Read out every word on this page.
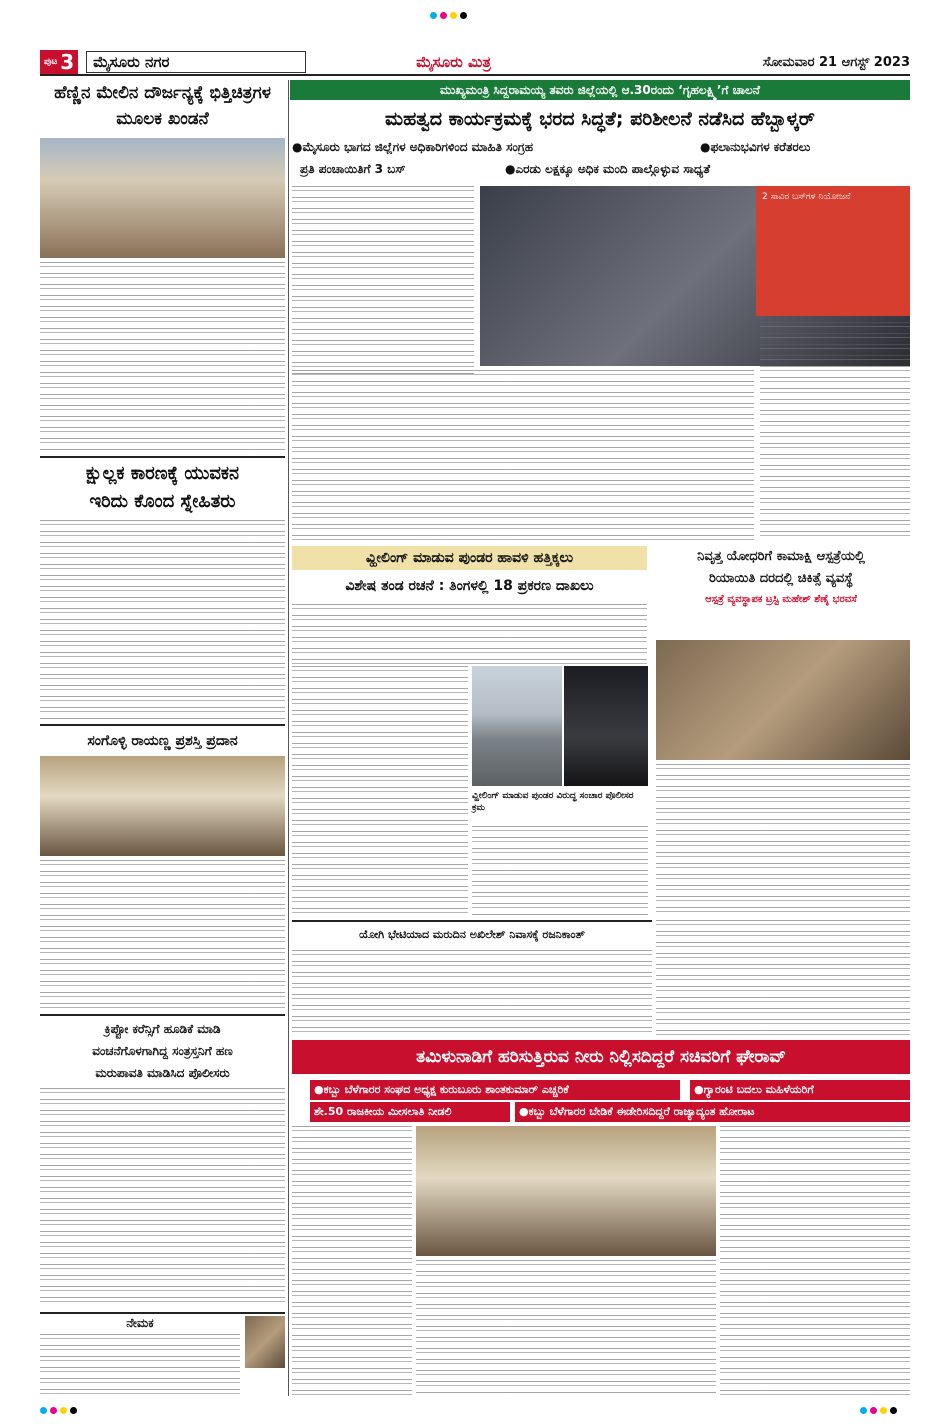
ಪುಟ 3	ಮೈಸೂರು ನಗರ	ಮೈಸೂರು ಮಿತ್ರ	ಸೋಮವಾರ 21 ಆಗಸ್ಟ್ 2023
ಹೆಣ್ಣಿನ ಮೇಲಿನ ದೌರ್ಜನ್ಯಕ್ಕೆ ಭಿತ್ತಿಚಿತ್ರಗಳ ಮೂಲಕ ಖಂಡನೆ
ಮುಖ್ಯಮಂತ್ರಿ ಸಿದ್ದರಾಮಯ್ಯ ತವರು ಜಿಲ್ಲೆಯಲ್ಲಿ ಆ.30ರಂದು ‘ಗೃಹಲಕ್ಷ್ಮಿ’ಗೆ ಚಾಲನೆ
ಮಹತ್ವದ ಕಾರ್ಯಕ್ರಮಕ್ಕೆ ಭರದ ಸಿದ್ಧತೆ; ಪರಿಶೀಲನೆ ನಡೆಸಿದ ಹೆಬ್ಬಾಳ್ಕರ್
●ಮೈಸೂರು ಭಾಗದ ಜಿಲ್ಲೆಗಳ ಅಧಿಕಾರಿಗಳಿಂದ ಮಾಹಿತಿ ಸಂಗ್ರಹ	●ಫಲಾನುಭವಿಗಳ ಕರೆತರಲು
ಪ್ರತಿ ಪಂಚಾಯಿತಿಗೆ 3 ಬಸ್	●ಎರಡು ಲಕ್ಷಕ್ಕೂ ಅಧಿಕ ಮಂದಿ ಪಾಲ್ಗೊಳ್ಳುವ ಸಾಧ್ಯತೆ
2 ಸಾವಿರ ಬಸ್‌ಗಳ ನಿಯೋಜನೆ
ಕ್ಷುಲ್ಲಕ ಕಾರಣಕ್ಕೆ ಯುವಕನ
ಇರಿದು ಕೊಂದ ಸ್ನೇಹಿತರು
ವ್ಹೀಲಿಂಗ್ ಮಾಡುವ ಪುಂಡರ ಹಾವಳಿ ಹತ್ತಿಕ್ಕಲು
ವಿಶೇಷ ತಂಡ ರಚನೆ : ತಿಂಗಳಲ್ಲಿ 18 ಪ್ರಕರಣ ದಾಖಲು
ವ್ಹೀಲಿಂಗ್ ಮಾಡುವ ಪುಂಡರ ವಿರುದ್ಧ ಸಂಚಾರ ಪೊಲೀಸರ ಕ್ರಮ
ನಿವೃತ್ತ ಯೋಧರಿಗೆ ಕಾಮಾಕ್ಷಿ ಆಸ್ಪತ್ರೆಯಲ್ಲಿ
ರಿಯಾಯಿತಿ ದರದಲ್ಲಿ ಚಿಕಿತ್ಸೆ ವ್ಯವಸ್ಥೆ
ಆಸ್ಪತ್ರೆ ವ್ಯವಸ್ಥಾಪಕ ಟ್ರಸ್ಟಿ ಮಹೇಶ್ ಶೆಣೈ ಭರವಸೆ
ಸಂಗೊಳ್ಳಿ ರಾಯಣ್ಣ ಪ್ರಶಸ್ತಿ ಪ್ರದಾನ
ಯೋಗಿ ಭೇಟಿಯಾದ ಮರುದಿನ ಅಖಿಲೇಶ್ ನಿವಾಸಕ್ಕೆ ರಜನಿಕಾಂತ್
ಕ್ರಿಪ್ಟೋ ಕರೆನ್ಸಿಗೆ ಹೂಡಿಕೆ ಮಾಡಿ
ವಂಚನೆಗೊಳಗಾಗಿದ್ದ ಸಂತ್ರಸ್ತನಿಗೆ ಹಣ
ಮರುಪಾವತಿ ಮಾಡಿಸಿದ ಪೊಲೀಸರು
ತಮಿಳುನಾಡಿಗೆ ಹರಿಸುತ್ತಿರುವ ನೀರು ನಿಲ್ಲಿಸದಿದ್ದರೆ ಸಚಿವರಿಗೆ ಘೇರಾವ್
●ಕಬ್ಬು ಬೆಳೆಗಾರರ ಸಂಘದ ಅಧ್ಯಕ್ಷ ಕುರುಬೂರು ಶಾಂತಕುಮಾರ್ ಎಚ್ಚರಿಕೆ	●ಗ್ಯಾರಂಟಿ ಬದಲು ಮಹಿಳೆಯರಿಗೆ
ಶೇ.50 ರಾಜಕೀಯ ಮೀಸಲಾತಿ ನೀಡಲಿ	●ಕಬ್ಬು ಬೆಳೆಗಾರರ ಬೇಡಿಕೆ ಈಡೇರಿಸದಿದ್ದರೆ ರಾಜ್ಯಾದ್ಯಂತ ಹೋರಾಟ
ನೇಮಕ
